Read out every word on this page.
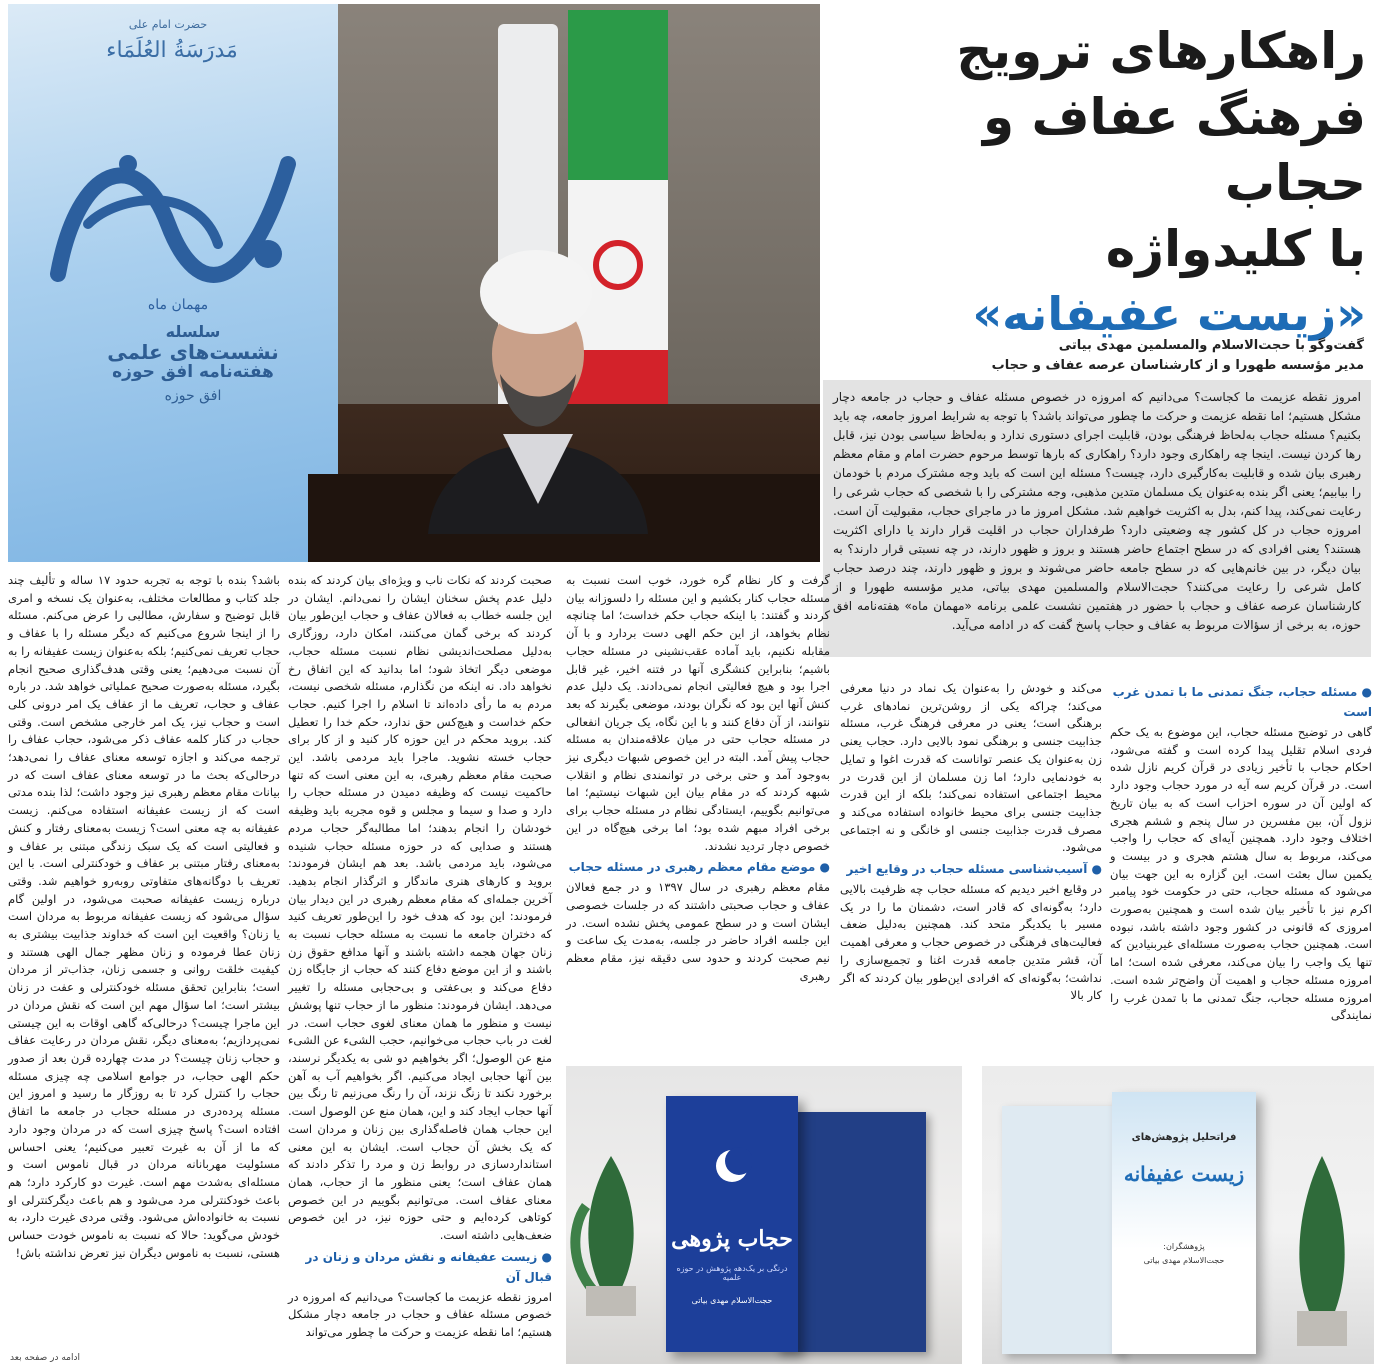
حضرت امام علی
مَدرَسَةُ العُلَمَاء
مهمان ماه
سلسله
نشست‌های علمی
هفته‌نامه افق حوزه
افق حوزه
راهکارهای ترویج
فرهنگ عفاف و حجاب
با کلیدواژه
«زیست عفیفانه»
گفت‌وگو با حجت‌الاسلام والمسلمین مهدی بیاتی
مدیر مؤسسه طهورا و از کارشناسان عرصه عفاف و حجاب

امروز نقطه عزیمت ما کجاست؟ می‌دانیم که امروزه در خصوص مسئله عفاف و حجاب در جامعه دچار مشکل هستیم؛ اما نقطه عزیمت و حرکت ما چطور می‌تواند باشد؟ با توجه به شرایط امروز جامعه، چه باید بکنیم؟ مسئله حجاب به‌لحاظ فرهنگی بودن، قابلیت اجرای دستوری ندارد و به‌لحاظ سیاسی بودن نیز، قابل رها کردن نیست. اینجا چه راهکاری وجود دارد؟ راهکاری که بارها توسط مرحوم حضرت امام و مقام معظم رهبری بیان شده و قابلیت به‌کارگیری دارد، چیست؟ مسئله این است که باید وجه مشترک مردم با خودمان را بیابیم؛ یعنی اگر بنده به‌عنوان یک مسلمان متدین مذهبی، وجه مشترکی را با شخصی که حجاب شرعی را رعایت نمی‌کند، پیدا کنم، بدل به اکثریت خواهیم شد. مشکل امروز ما در ماجرای حجاب، مقبولیت آن است. امروزه حجاب در کل کشور چه وضعیتی دارد؟ طرفداران حجاب در اقلیت قرار دارند یا دارای اکثریت هستند؟ یعنی افرادی که در سطح اجتماع حاضر هستند و بروز و ظهور دارند، در چه نسبتی قرار دارند؟ به بیان دیگر، در بین خانم‌هایی که در سطح جامعه حاضر می‌شوند و بروز و ظهور دارند، چند درصد حجاب کامل شرعی را رعایت می‌کنند؟ حجت‌الاسلام والمسلمین مهدی بیاتی، مدیر مؤسسه طهورا و از کارشناسان عرصه عفاف و حجاب با حضور در هفتمین نشست علمی برنامه «مهمان ماه» هفته‌نامه افق حوزه، به برخی از سؤالات مربوط به عفاف و حجاب پاسخ گفت که در ادامه می‌آید.

باشد؟ بنده با توجه به تجربه حدود ۱۷ ساله و تألیف چند جلد کتاب و مطالعات مختلف، به‌عنوان یک نسخه و امری قابل توضیح و سفارش، مطالبی را عرض می‌کنم. مسئله را از اینجا شروع می‌کنیم که دیگر مسئله را با عفاف و حجاب تعریف نمی‌کنیم؛ بلکه به‌عنوان زیست عفیفانه را به آن نسبت می‌دهیم؛ یعنی وقتی هدف‌گذاری صحیح انجام بگیرد، مسئله به‌صورت صحیح عملیاتی خواهد شد. در باره عفاف و حجاب، تعریف ما از عفاف یک امر درونی کلی است و حجاب نیز، یک امر خارجی مشخص است. وقتی حجاب در کنار کلمه عفاف ذکر می‌شود، حجاب عفاف را ترجمه می‌کند و اجازه توسعه معنای عفاف را نمی‌دهد؛ درحالی‌که بحث ما در توسعه معنای عفاف است که در بیانات مقام معظم رهبری نیز وجود داشت؛ لذا بنده مدتی است که از زیست عفیفانه استفاده می‌کنم. زیست عفیفانه به چه معنی است؟ زیست به‌معنای رفتار و کنش و فعالیتی است که یک سبک زندگی مبتنی بر عفاف و به‌معنای رفتار مبتنی بر عفاف و خودکنترلی است. با این تعریف با دوگانه‌های متفاوتی روبه‌رو خواهیم شد. وقتی درباره زیست عفیفانه صحبت می‌شود، در اولین گام سؤال می‌شود که زیست عفیفانه مربوط به مردان است یا زنان؟ واقعیت این است که خداوند جذابیت بیشتری به زنان عطا فرموده و زنان مظهر جمال الهی هستند و کیفیت خلقت روانی و جسمی زنان، جذاب‌تر از مردان است؛ بنابراین تحقق مسئله خودکنترلی و عفت در زنان بیشتر است؛ اما سؤال مهم این است که نقش مردان در این ماجرا چیست؟ درحالی‌که گاهی اوقات به این چیستی نمی‌پردازیم؛ به‌معنای دیگر، نقش مردان در رعایت عفاف و حجاب زنان چیست؟ در مدت چهارده قرن بعد از صدور حکم الهی حجاب، در جوامع اسلامی چه چیزی مسئله حجاب را کنترل کرد تا به روزگار ما رسید و امروز این مسئله پرده‌دری در مسئله حجاب در جامعه ما اتفاق افتاده است؟ پاسخ چیزی است که در مردان وجود دارد که ما از آن به غیرت تعبیر می‌کنیم؛ یعنی احساس مسئولیت مهربانانه مردان در قبال ناموس است و مسئله‌ای به‌شدت مهم است. غیرت دو کارکرد دارد؛ هم باعث خودکنترلی مرد می‌شود و هم باعث دیگرکنترلی او نسبت به خانواده‌اش می‌شود. وقتی مردی غیرت دارد، به خودش می‌گوید: حالا که نسبت به ناموس خودت حساس هستی، نسبت به ناموس دیگران نیز تعرض نداشته باش!

ادامه در صفحه بعد

صحبت کردند که نکات ناب و ویژه‌ای بیان کردند که بنده دلیل عدم پخش سخنان ایشان را نمی‌دانم. ایشان در این جلسه خطاب به فعالان عفاف و حجاب این‌طور بیان کردند که برخی گمان می‌کنند، امکان دارد، روزگاری به‌دلیل مصلحت‌اندیشی نظام نسبت مسئله حجاب، موضعی دیگر اتخاذ شود؛ اما بدانید که این اتفاق رخ نخواهد داد. نه اینکه من نگذارم، مسئله شخصی نیست، مردم به ما رأی داده‌اند تا اسلام را اجرا کنیم. حجاب حکم خداست و هیچ‌کس حق ندارد، حکم خدا را تعطیل کند. بروید محکم در این حوزه کار کنید و از کار برای حجاب خسته نشوید. ماجرا باید مردمی باشد. این صحبت مقام معظم رهبری، به این معنی است که تنها حاکمیت نیست که وظیفه دمیدن در مسئله حجاب را دارد و صدا و سیما و مجلس و قوه مجریه باید وظیفه خودشان را انجام بدهند؛ اما مطالبه‌گر حجاب مردم هستند و صدایی که در حوزه مسئله حجاب شنیده می‌شود، باید مردمی باشد. بعد هم ایشان فرمودند: بروید و کارهای هنری ماندگار و اثرگذار انجام بدهید. آخرین جمله‌ای که مقام معظم رهبری در این دیدار بیان فرمودند: این بود که هدف خود را این‌طور تعریف کنید که دختران جامعه ما نسبت به مسئله حجاب نسبت به زنان جهان هجمه داشته باشند و آنها مدافع حقوق زن باشند و از این موضع دفاع کنند که حجاب از جایگاه زن دفاع می‌کند و بی‌عفتی و بی‌حجابی مسئله را تغییر می‌دهد. ایشان فرمودند: منظور ما از حجاب تنها پوشش نیست و منظور ما همان معنای لغوی حجاب است. در لغت در باب حجاب می‌خوانیم، حجب الشیء عن الشیء منع عن الوصول؛ اگر بخواهیم دو شی به یکدیگر نرسند، بین آنها حجابی ایجاد می‌کنیم. اگر بخواهیم آب به آهن برخورد نکند تا زنگ نزند، آن را رنگ می‌زنیم تا رنگ بین آنها حجاب ایجاد کند و این، همان منع عن الوصول است. این حجاب همان فاصله‌گذاری بین زنان و مردان است که یک بخش آن حجاب است. ایشان به این معنی استانداردسازی در روابط زن و مرد را تذکر دادند که همان عفاف است؛ یعنی منظور ما از حجاب، همان معنای عفاف است. می‌توانیم بگوییم در این خصوص کوتاهی کرده‌ایم و حتی حوزه نیز، در این خصوص ضعف‌هایی داشته است.

● زیست عفیفانه و نقش مردان و زنان در قبال آن

امروز نقطه عزیمت ما کجاست؟ می‌دانیم که امروزه در خصوص مسئله عفاف و حجاب در جامعه دچار مشکل هستیم؛ اما نقطه عزیمت و حرکت ما چطور می‌تواند

گرفت و کار نظام گره خورد، خوب است نسبت به مسئله حجاب کنار بکشیم و این مسئله را دلسوزانه بیان کردند و گفتند: با اینکه حجاب حکم خداست؛ اما چنانچه نظام بخواهد، از این حکم الهی دست بردارد و با آن مقابله نکنیم، باید آماده عقب‌نشینی در مسئله حجاب باشیم؛ بنابراین کنشگری آنها در فتنه اخیر، غیر قابل اجرا بود و هیچ فعالیتی انجام نمی‌دادند. یک دلیل عدم کنش آنها این بود که نگران بودند، موضعی بگیرند که بعد نتوانند، از آن دفاع کنند و با این نگاه، یک جریان انفعالی در مسئله حجاب حتی در میان علاقه‌مندان به مسئله حجاب پیش آمد. البته در این خصوص شبهات دیگری نیز به‌وجود آمد و حتی برخی در توانمندی نظام و انقلاب شبهه کردند که در مقام بیان این شبهات نیستیم؛ اما می‌توانیم بگوییم، ایستادگی نظام در مسئله حجاب برای برخی افراد مبهم شده بود؛ اما برخی هیچ‌گاه در این خصوص دچار تردید نشدند.

● موضع مقام معظم رهبری در مسئله حجاب

مقام معظم رهبری در سال ۱۳۹۷ و در جمع فعالان عفاف و حجاب صحبتی داشتند که در جلسات خصوصی ایشان است و در سطح عمومی پخش نشده است. در این جلسه افراد حاضر در جلسه، به‌مدت یک ساعت و نیم صحبت کردند و حدود سی دقیقه نیز، مقام معظم رهبری

می‌کند و خودش را به‌عنوان یک نماد در دنیا معرفی می‌کند؛ چراکه یکی از روشن‌ترین نمادهای غرب برهنگی است؛ یعنی در معرفی فرهنگ غرب، مسئله جذابیت جنسی و برهنگی نمود بالایی دارد. حجاب یعنی زن به‌عنوان یک عنصر تواناست که قدرت اغوا و تمایل به خودنمایی دارد؛ اما زن مسلمان از این قدرت در محیط اجتماعی استفاده نمی‌کند؛ بلکه از این قدرت جذابیت جنسی برای محیط خانواده استفاده می‌کند و مصرف قدرت جذابیت جنسی او خانگی و نه اجتماعی می‌شود.

● آسیب‌شناسی مسئله حجاب در وقایع اخیر

در وقایع اخیر دیدیم که مسئله حجاب چه ظرفیت بالایی دارد؛ به‌گونه‌ای که قادر است، دشمنان ما را در یک مسیر با یکدیگر متحد کند. همچنین به‌دلیل ضعف فعالیت‌های فرهنگی در خصوص حجاب و معرفی اهمیت آن، قشر متدین جامعه قدرت اغنا و تجمیع‌سازی را نداشت؛ به‌گونه‌ای که افرادی این‌طور بیان کردند که اگر کار بالا

● مسئله حجاب، جنگ تمدنی ما با تمدن غرب است

گاهی در توضیح مسئله حجاب، این موضوع به یک حکم فردی اسلام تقلیل پیدا کرده است و گفته می‌شود، احکام حجاب با تأخیر زیادی در قرآن کریم نازل شده است. در قرآن کریم سه آیه در مورد حجاب وجود دارد که اولین آن در سوره احزاب است که به بیان تاریخ نزول آن، بین مفسرین در سال پنجم و ششم هجری اختلاف وجود دارد. همچنین آیه‌ای که حجاب را واجب می‌کند، مربوط به سال هشتم هجری و در بیست و یکمین سال بعثت است. این گزاره به این جهت بیان می‌شود که مسئله حجاب، حتی در حکومت خود پیامبر اکرم نیز با تأخیر بیان شده است و همچنین به‌صورت امروزی که قانونی در کشور وجود داشته باشد، نبوده است. همچنین حجاب به‌صورت مسئله‌ای غیربنیادین که تنها یک واجب را بیان می‌کند، معرفی شده است؛ اما امروزه مسئله حجاب و اهمیت آن واضح‌تر شده است. امروزه مسئله حجاب، جنگ تمدنی ما با تمدن غرب را نمایندگی

حجاب پژوهی
درنگی بر یک‌دهه پژوهش در حوزه علمیه
حجت‌الاسلام مهدی بیاتی
فراتحلیل پژوهش‌های
زیست عفیفانه
پژوهشگران:
حجت‌الاسلام مهدی بیاتی
